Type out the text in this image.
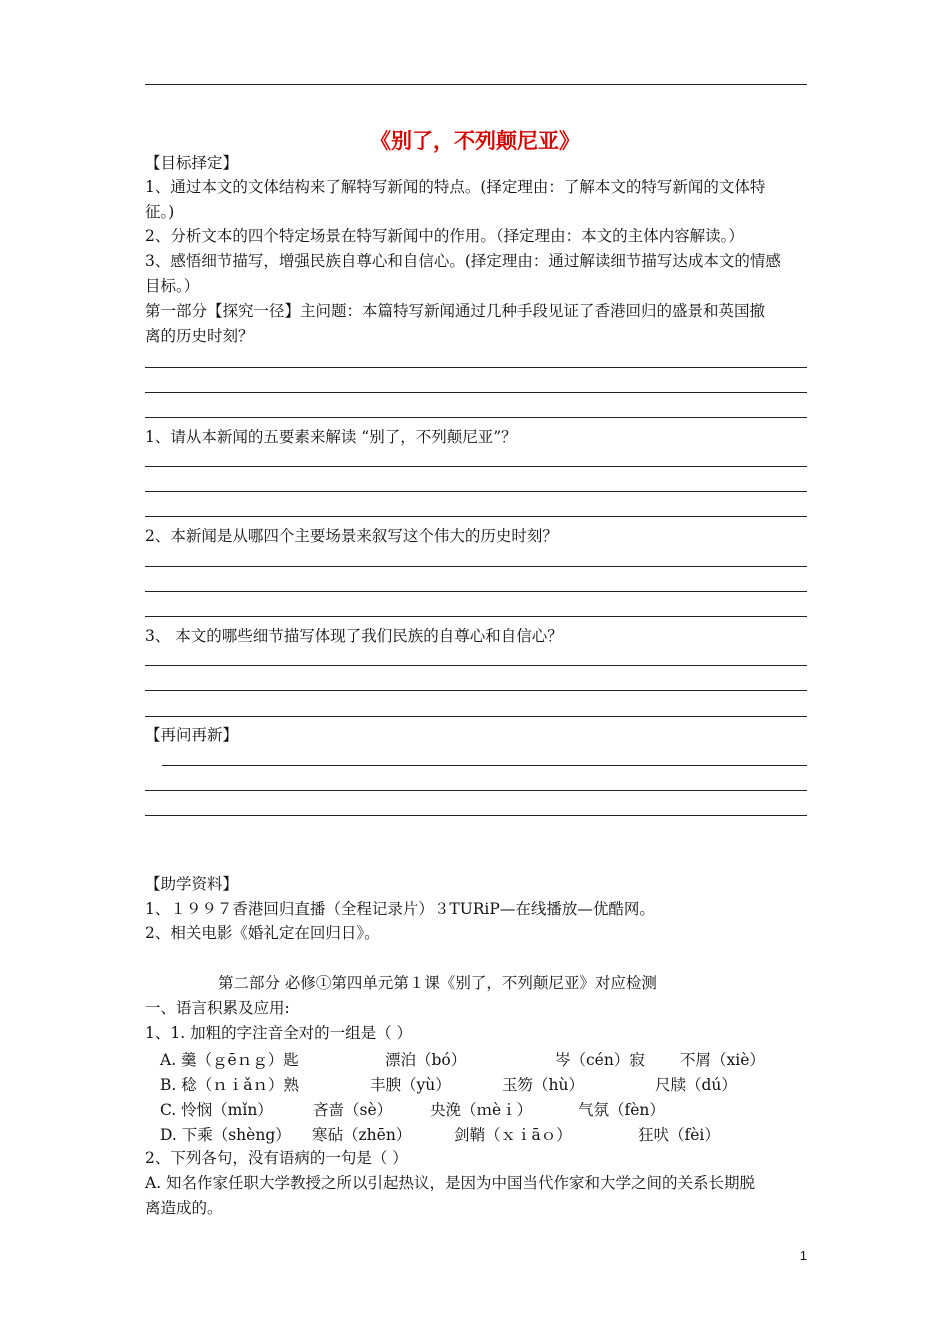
《别了，不列颠尼亚》
【目标择定】
1、通过本文的文体结构来了解特写新闻的特点。(择定理由：了解本文的特写新闻的文体特
征。)
2、分析文本的四个特定场景在特写新闻中的作用。（择定理由：本文的主体内容解读。）
3、感悟细节描写，增强民族自尊心和自信心。(择定理由：通过解读细节描写达成本文的情感
目标。）
第一部分【探究一径】主问题：本篇特写新闻通过几种手段见证了香港回归的盛景和英国撤
离的历史时刻？
1、请从本新闻的五要素来解读 “别了，不列颠尼亚”？
2、本新闻是从哪四个主要场景来叙写这个伟大的历史时刻？
3、 本文的哪些细节描写体现了我们民族的自尊心和自信心？
【再问再新】
【助学资料】
1、１９９７香港回归直播（全程记录片）３TURiP—在线播放—优酷网。
2、相关电影《婚礼定在回归日》。
第二部分 必修①第四单元第１课《别了，不列颠尼亚》对应检测
一、语言积累及应用:
1、1. 加粗的字注音全对的一组是（ ）
A. 羹（ｇēｎｇ）匙	漂泊（bó）	岑（cén）寂 不屑（xiè）
B. 稔（ｎｉǎｎ）熟	丰腴（yù）	玉笏（hù）	尺牍（dú）
C. 怜悯（mǐn）	吝啬（sè） 央浼（ｍèｉ）	气氛（fèn）
D. 下乘（shèng） 寒砧（zhēn）	剑鞘（ｘｉāｏ）	狂吠（fèi）
2、下列各句，没有语病的一句是（ ）
A. 知名作家任职大学教授之所以引起热议，是因为中国当代作家和大学之间的关系长期脱
离造成的。
1
